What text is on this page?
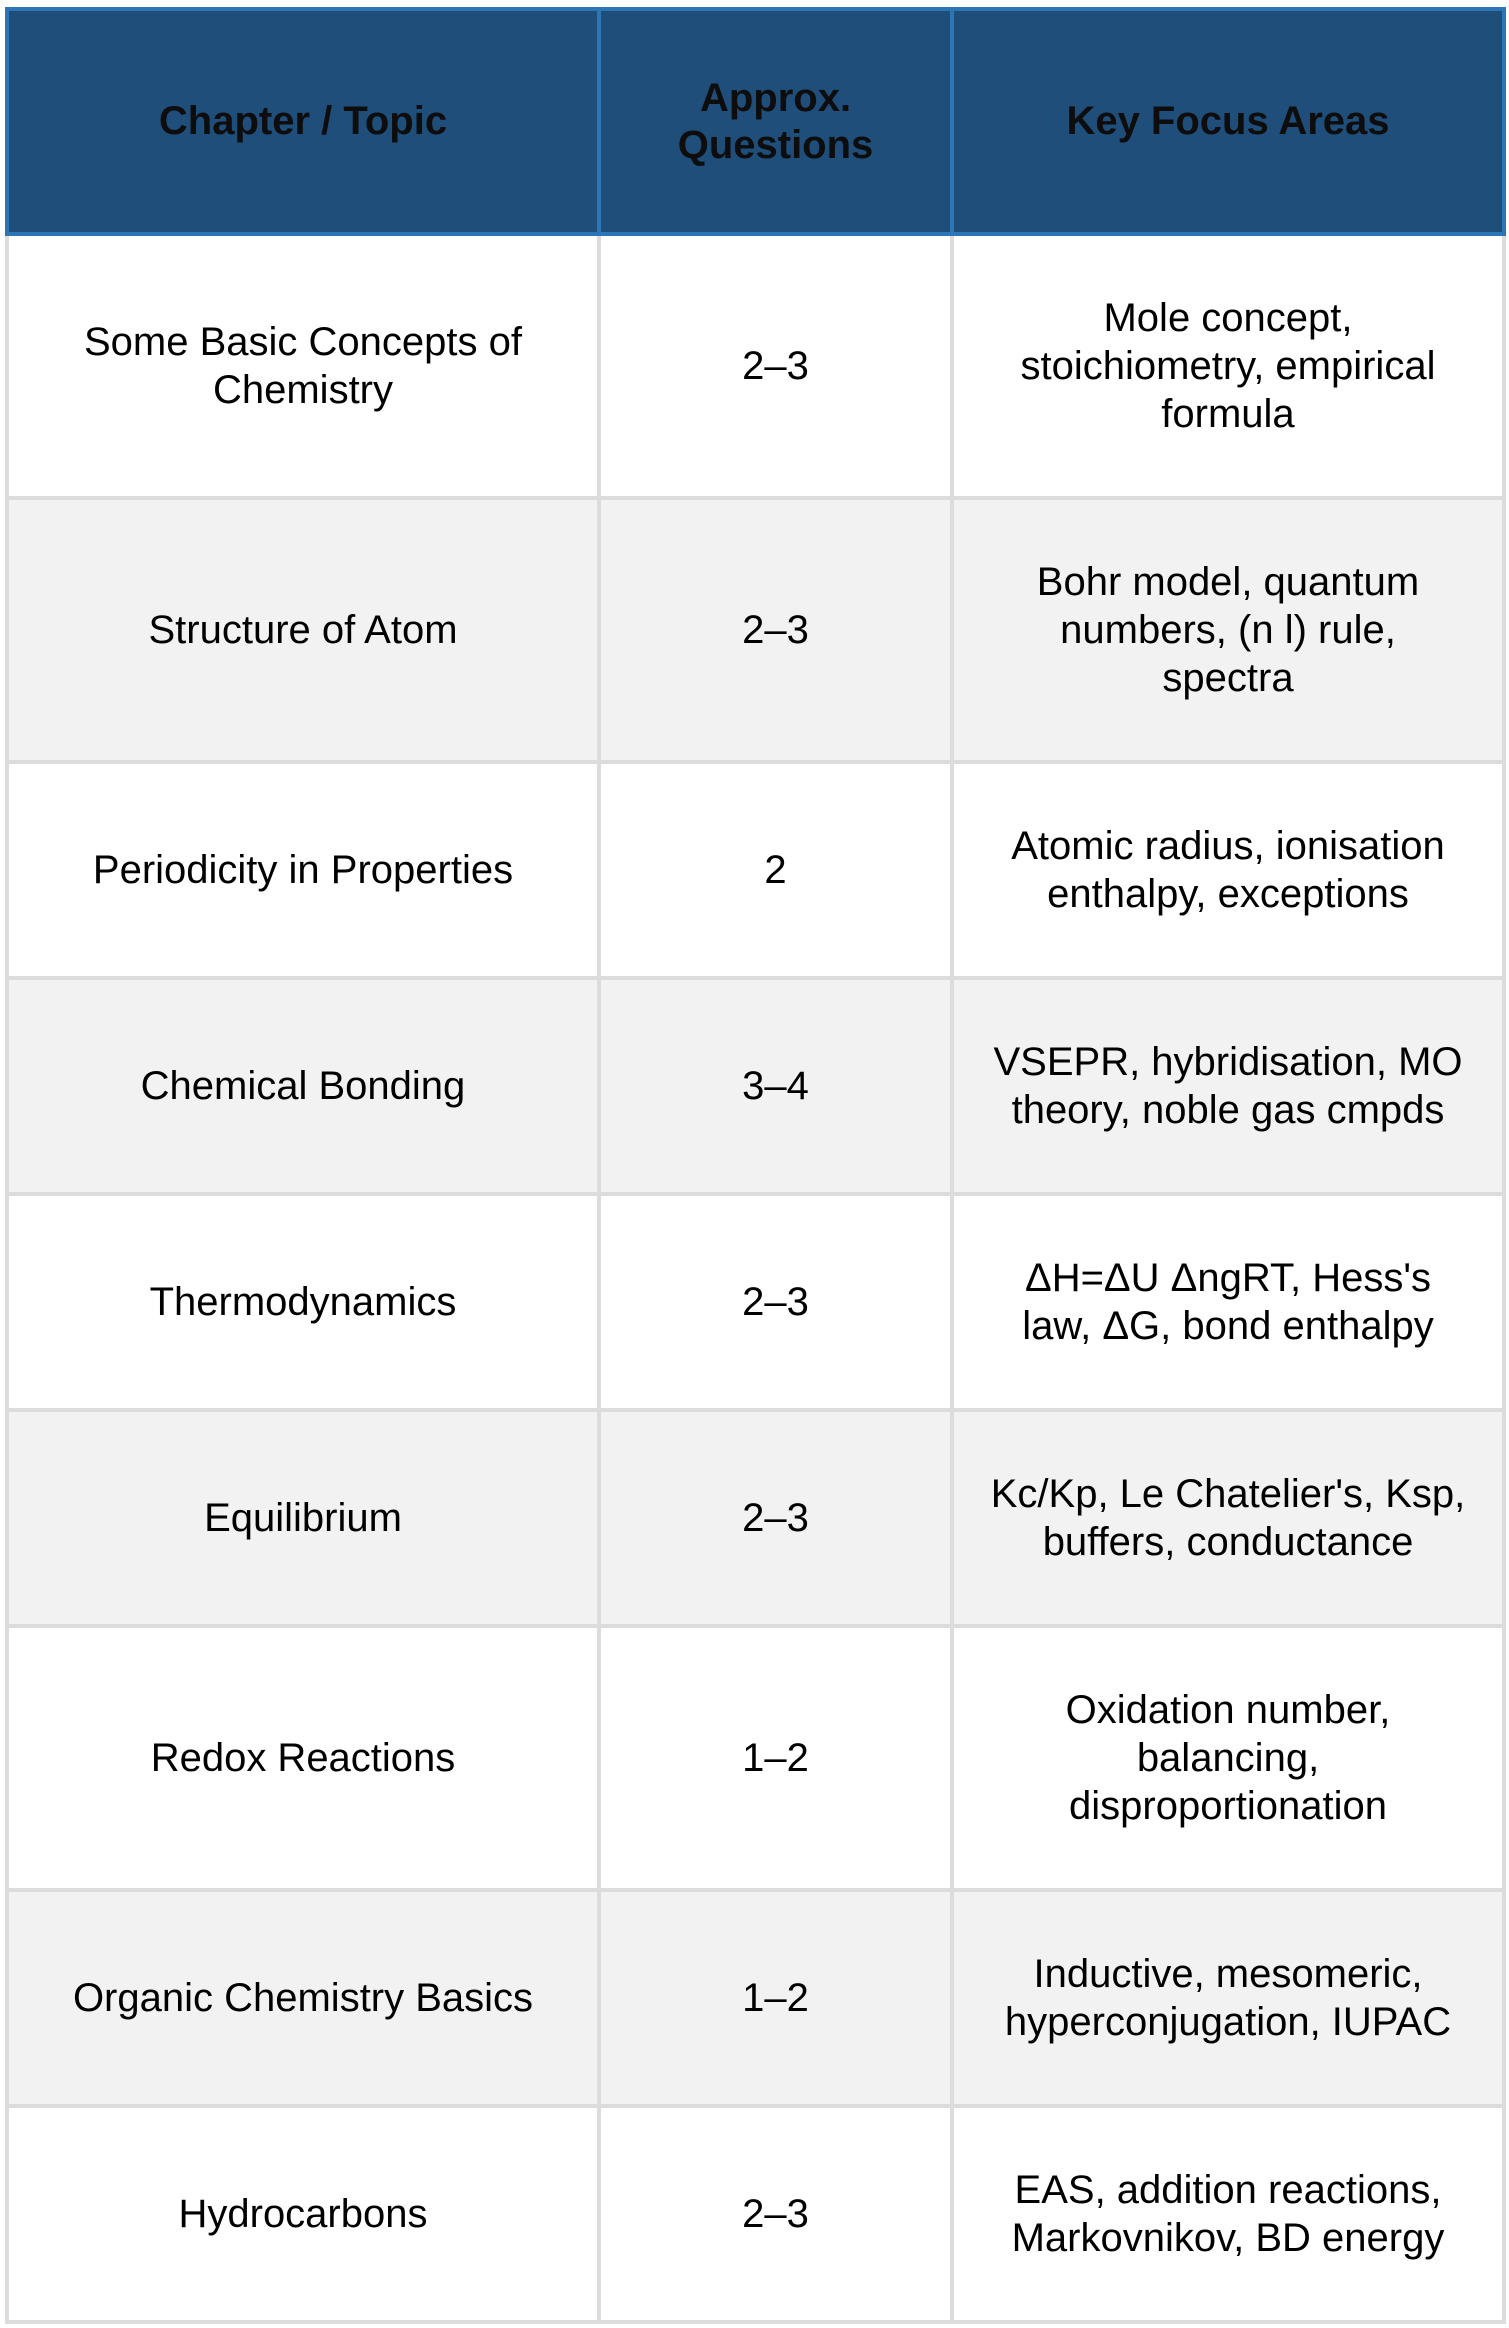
Chapter / Topic	Approx. Questions	Key Focus Areas
Some Basic Concepts of Chemistry	2–3	Mole concept, stoichiometry, empirical formula
Structure of Atom	2–3	Bohr model, quantum numbers, (n l) rule, spectra
Periodicity in Properties	2	Atomic radius, ionisation enthalpy, exceptions
Chemical Bonding	3–4	VSEPR, hybridisation, MO theory, noble gas cmpds
Thermodynamics	2–3	ΔH=ΔU ΔngRT, Hess's law, ΔG, bond enthalpy
Equilibrium	2–3	Kc/Kp, Le Chatelier's, Ksp, buffers, conductance
Redox Reactions	1–2	Oxidation number, balancing, disproportionation
Organic Chemistry Basics	1–2	Inductive, mesomeric, hyperconjugation, IUPAC
Hydrocarbons	2–3	EAS, addition reactions, Markovnikov, BD energy
